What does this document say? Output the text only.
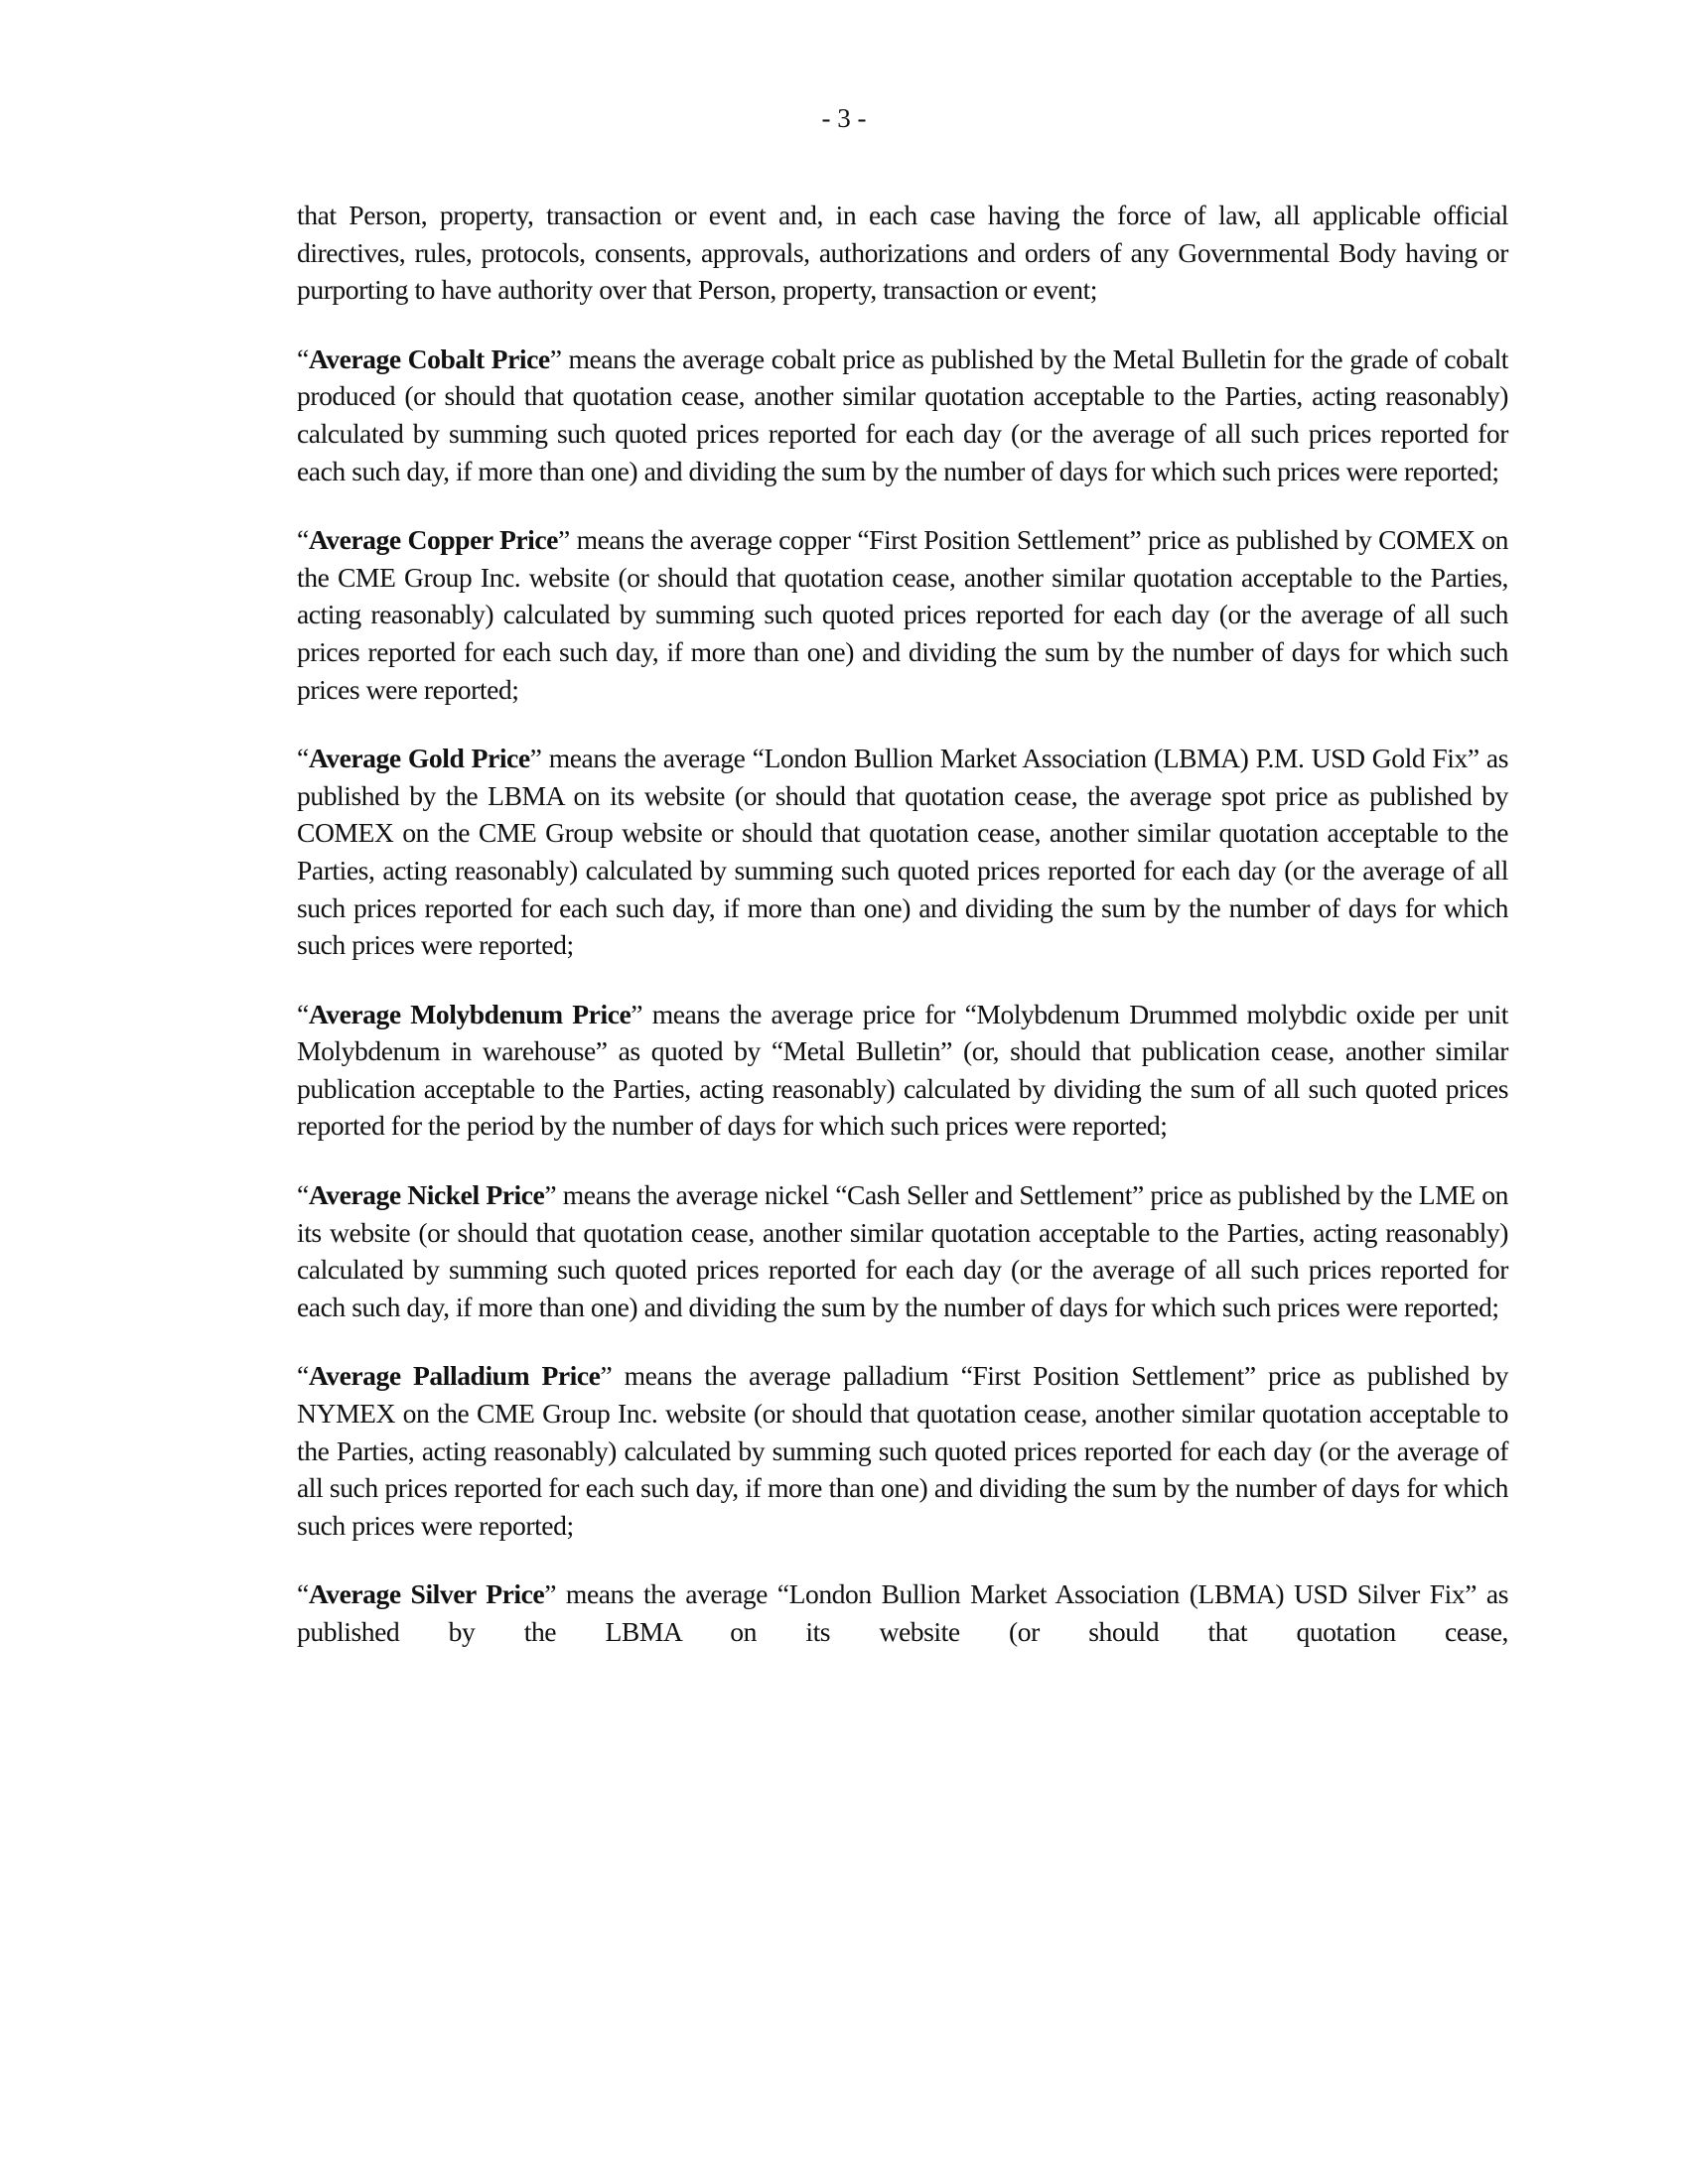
- 3 -

that Person, property, transaction or event and, in each case having the force of law, all applicable official directives, rules, protocols, consents, approvals, authorizations and orders of any Governmental Body having or purporting to have authority over that Person, property, transaction or event;

“Average Cobalt Price” means the average cobalt price as published by the Metal Bulletin for the grade of cobalt produced (or should that quotation cease, another similar quotation acceptable to the Parties, acting reasonably) calculated by summing such quoted prices reported for each day (or the average of all such prices reported for each such day, if more than one) and dividing the sum by the number of days for which such prices were reported;

“Average Copper Price” means the average copper “First Position Settlement” price as published by COMEX on the CME Group Inc. website (or should that quotation cease, another similar quotation acceptable to the Parties, acting reasonably) calculated by summing such quoted prices reported for each day (or the average of all such prices reported for each such day, if more than one) and dividing the sum by the number of days for which such prices were reported;

“Average Gold Price” means the average “London Bullion Market Association (LBMA) P.M. USD Gold Fix” as published by the LBMA on its website (or should that quotation cease, the average spot price as published by COMEX on the CME Group website or should that quotation cease, another similar quotation acceptable to the Parties, acting reasonably) calculated by summing such quoted prices reported for each day (or the average of all such prices reported for each such day, if more than one) and dividing the sum by the number of days for which such prices were reported;

“Average Molybdenum Price” means the average price for “Molybdenum Drummed molybdic oxide per unit Molybdenum in warehouse” as quoted by “Metal Bulletin” (or, should that publication cease, another similar publication acceptable to the Parties, acting reasonably) calculated by dividing the sum of all such quoted prices reported for the period by the number of days for which such prices were reported;

“Average Nickel Price” means the average nickel “Cash Seller and Settlement” price as published by the LME on its website (or should that quotation cease, another similar quotation acceptable to the Parties, acting reasonably) calculated by summing such quoted prices reported for each day (or the average of all such prices reported for each such day, if more than one) and dividing the sum by the number of days for which such prices were reported;

“Average Palladium Price” means the average palladium “First Position Settlement” price as published by NYMEX on the CME Group Inc. website (or should that quotation cease, another similar quotation acceptable to the Parties, acting reasonably) calculated by summing such quoted prices reported for each day (or the average of all such prices reported for each such day, if more than one) and dividing the sum by the number of days for which such prices were reported;

“Average Silver Price” means the average “London Bullion Market Association (LBMA) USD Silver Fix” as published by the LBMA on its website (or should that quotation cease,
